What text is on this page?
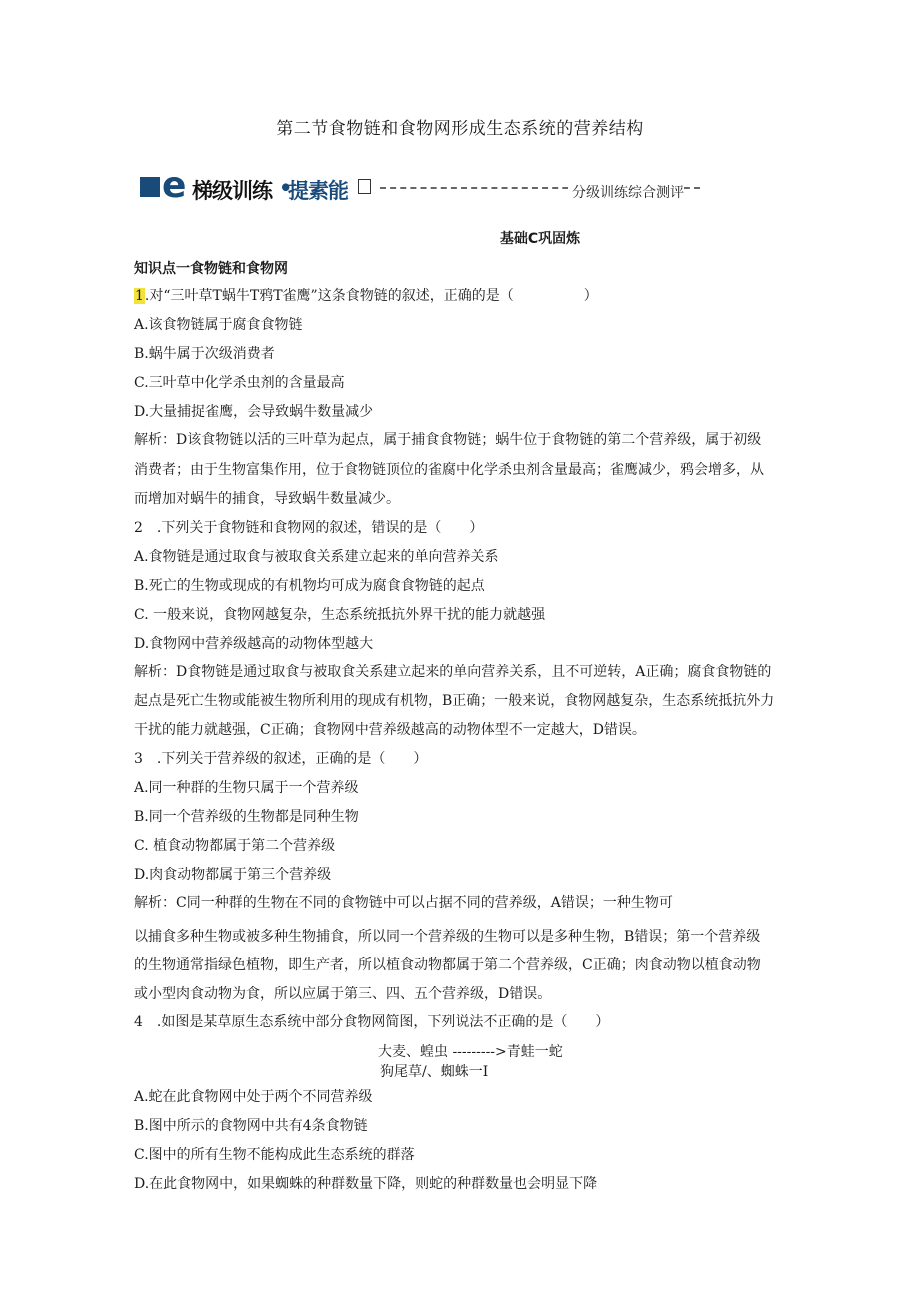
第二节食物链和食物网形成生态系统的营养结构
e 梯级训练 •
提素能	分级训练综合测评
基础C巩固炼
知识点一食物链和食物网
1.对“三叶草T蜗牛T鸦T雀鹰”这条食物链的叙述，正确的是（　　　　　）
A.该食物链属于腐食食物链
B.蜗牛属于次级消费者
C.三叶草中化学杀虫剂的含量最高
D.大量捕捉雀鹰，会导致蜗牛数量减少
解析：D该食物链以活的三叶草为起点，属于捕食食物链；蜗牛位于食物链的第二个营养级，属于初级
消费者；由于生物富集作用，位于食物链顶位的雀腐中化学杀虫剂含量最高；雀鹰减少，鸦会增多，从
而增加对蜗牛的捕食，导致蜗牛数量减少。
2　.下列关于食物链和食物网的叙述，错误的是（　　）
A.食物链是通过取食与被取食关系建立起来的单向营养关系
B.死亡的生物或现成的有机物均可成为腐食食物链的起点
C. 一般来说，食物网越复杂，生态系统抵抗外界干扰的能力就越强
D.食物网中营养级越高的动物体型越大
解析：D食物链是通过取食与被取食关系建立起来的单向营养关系，且不可逆转，A正确；腐食食物链的
起点是死亡生物或能被生物所利用的现成有机物，B正确；一般来说，食物网越复杂，生态系统抵抗外力
干扰的能力就越强，C正确；食物网中营养级越高的动物体型不一定越大，D错误。
3　.下列关于营养级的叙述，正确的是（　　）
A.同一种群的生物只属于一个营养级
B.同一个营养级的生物都是同种生物
C. 植食动物都属于第二个营养级
D.肉食动物都属于第三个营养级
解析：C同一种群的生物在不同的食物链中可以占据不同的营养级，A错误；一种生物可
以捕食多种生物或被多种生物捕食，所以同一个营养级的生物可以是多种生物，B错误；第一个营养级
的生物通常指绿色植物，即生产者，所以植食动物都属于第二个营养级，C正确；肉食动物以植食动物
或小型肉食动物为食，所以应属于第三、四、五个营养级，D错误。
4　.如图是某草原生态系统中部分食物网简图，下列说法不正确的是（　　）
大麦、蝗虫 --------->青蛙一蛇
狗尾草/、蜘蛛一I
A.蛇在此食物网中处于两个不同营养级
B.图中所示的食物网中共有4条食物链
C.图中的所有生物不能构成此生态系统的群落
D.在此食物网中，如果蜘蛛的种群数量下降，则蛇的种群数量也会明显下降
